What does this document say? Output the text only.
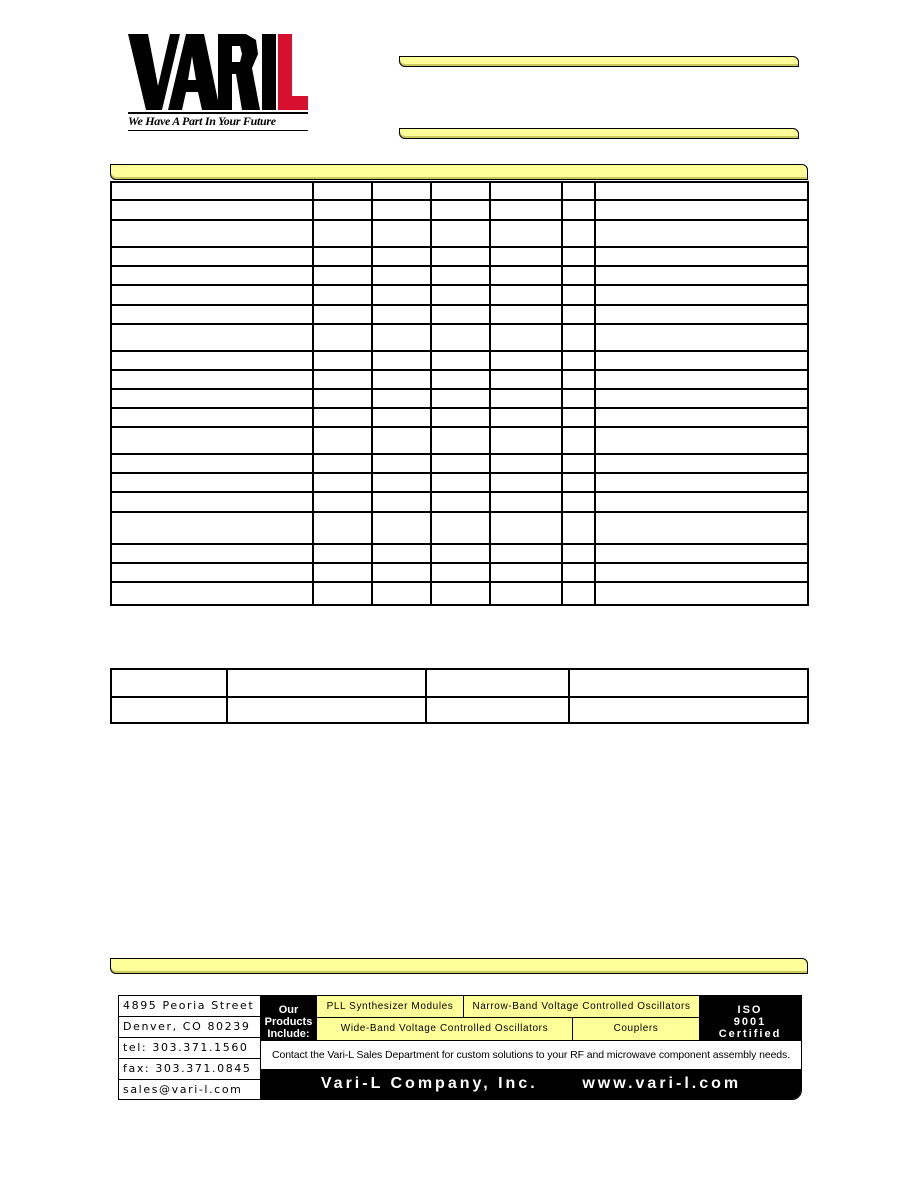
We Have A Part In Your Future

4895 Peoria Street
Denver, CO 80239
tel: 303.371.1560
fax: 303.371.0845
sales@vari-l.com
Our
Products
Include:
PLL Synthesizer Modules	Narrow-Band Voltage Controlled Oscillators
Wide-Band Voltage Controlled Oscillators	Couplers
ISO
9001
Certified
Contact the Vari-L Sales Department for custom solutions to your RF and microwave component assembly needs.
Vari-L Company, Inc.      www.vari-l.com
